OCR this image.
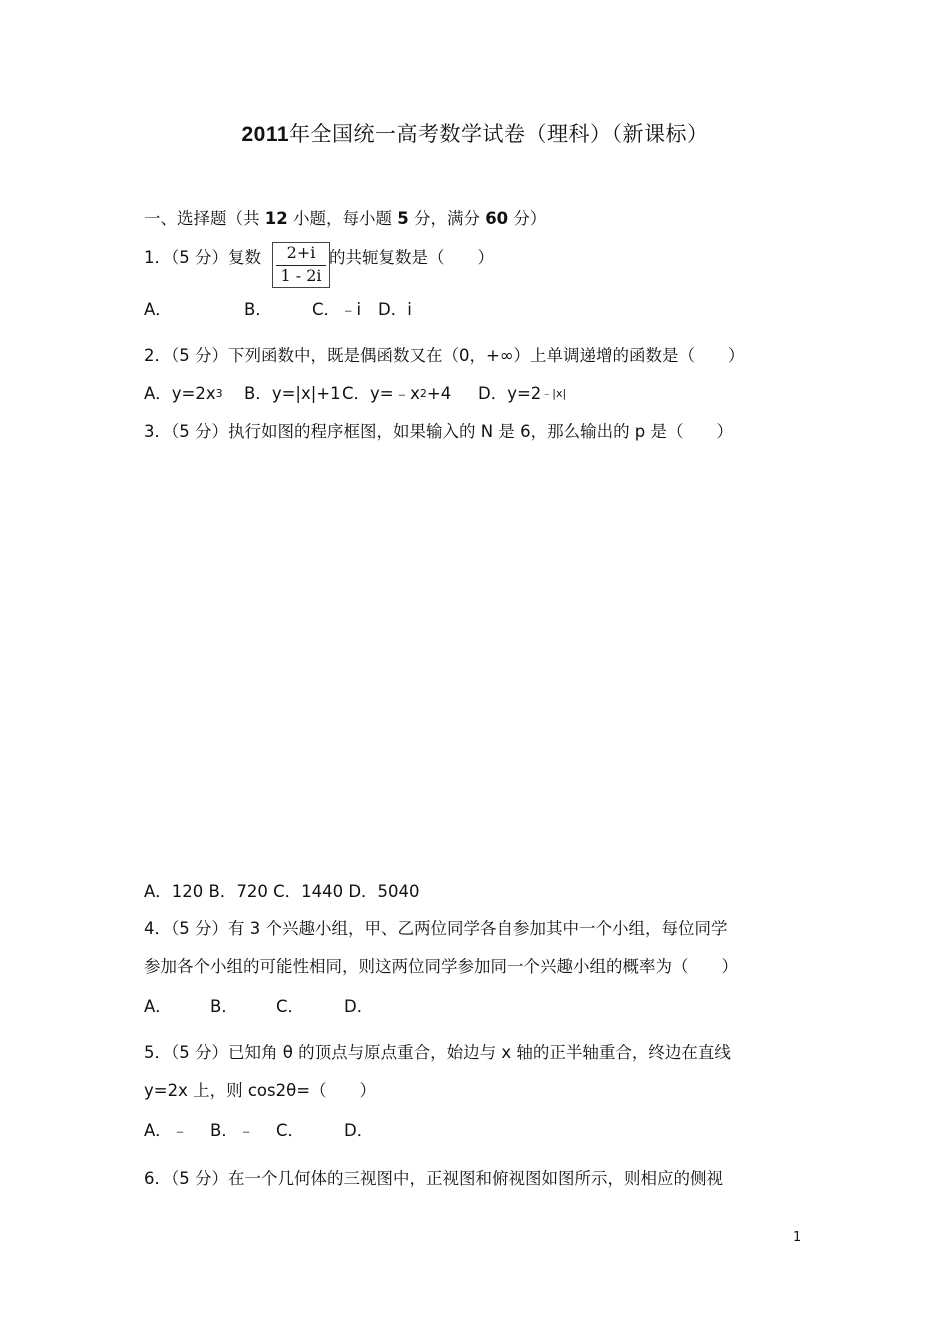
2011年全国统一高考数学试卷（理科）（新课标）
一、选择题（共 12 小题，每小题 5 分，满分 60 分）
1．（5 分）复数	2+i
1 - 2i
的共轭复数是（　　）
A．	B． C．﹣i D．i
2．（5 分）下列函数中，既是偶函数又在（0，+∞）上单调递增的函数是（　　）
A．y=2x3 B．y=|x|+1 C．y=﹣x2+4 D．y=2﹣|x|
3．（5 分）执行如图的程序框图，如果输入的 N 是 6，那么输出的 p 是（　　）
A．120 B．720 C．1440 D．5040
4．（5 分）有 3 个兴趣小组，甲、乙两位同学各自参加其中一个小组，每位同学
参加各个小组的可能性相同，则这两位同学参加同一个兴趣小组的概率为（　　）
A． B． C． D．
5．（5 分）已知角 θ 的顶点与原点重合，始边与 x 轴的正半轴重合，终边在直线
y=2x 上，则 cos2θ=（　　）
A．﹣ B．﹣ C． D．
6．（5 分）在一个几何体的三视图中，正视图和俯视图如图所示，则相应的侧视
1
